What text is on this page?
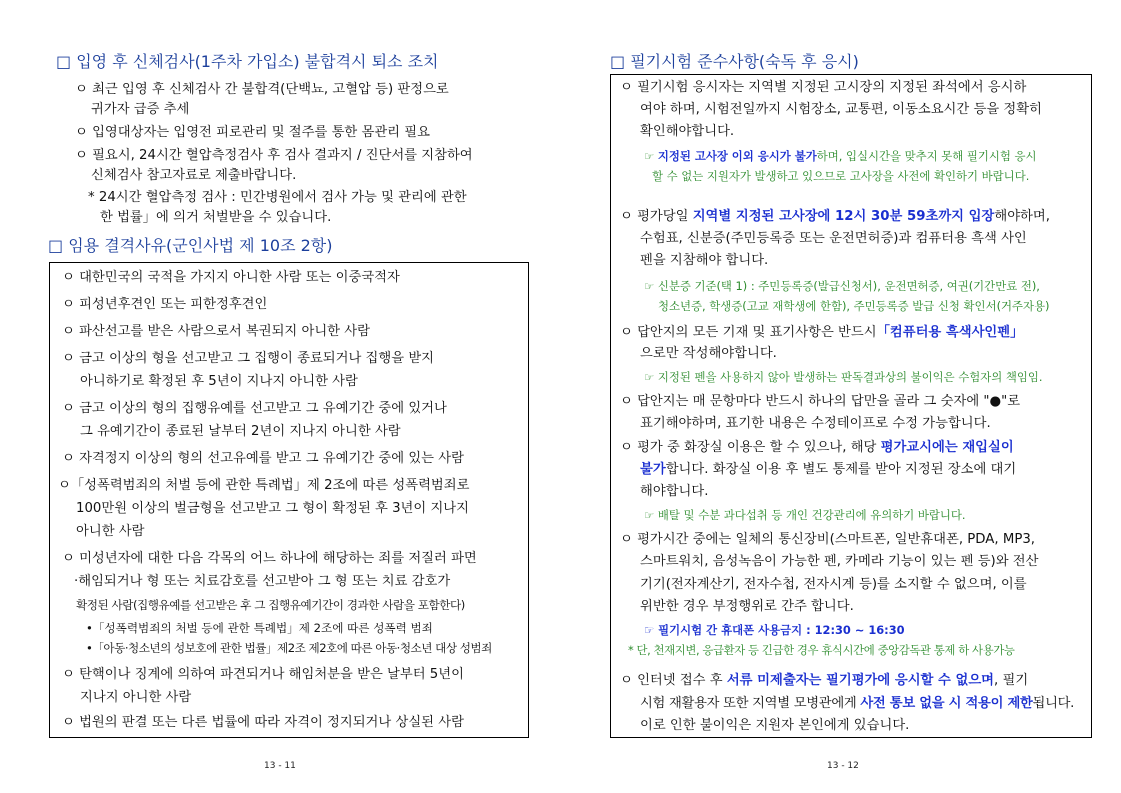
□ 입영 후 신체검사(1주차 가입소) 불합격시 퇴소 조치
ㅇ 최근 입영 후 신체검사 간 불합격(단백뇨, 고혈압 등) 판정으로
귀가자 급증 추세
ㅇ 입영대상자는 입영전 피로관리 및 절주를 통한 몸관리 필요
ㅇ 필요시, 24시간 혈압측정검사 후 검사 결과지 / 진단서를 지참하여
신체검사 참고자료로 제출바랍니다.
* 24시간 혈압측정 검사 : 민간병원에서 검사 가능 및 관리에 관한
한 법률」에 의거 처벌받을 수 있습니다.
□ 임용 결격사유(군인사법 제 10조 2항)
ㅇ 대한민국의 국적을 가지지 아니한 사람 또는 이중국적자
ㅇ 피성년후견인 또는 피한정후견인
ㅇ 파산선고를 받은 사람으로서 복권되지 아니한 사람
ㅇ 금고 이상의 형을 선고받고 그 집행이 종료되거나 집행을 받지
아니하기로 확정된 후 5년이 지나지 아니한 사람
ㅇ 금고 이상의 형의 집행유예를 선고받고 그 유예기간 중에 있거나
그 유예기간이 종료된 날부터 2년이 지나지 아니한 사람
ㅇ 자격정지 이상의 형의 선고유예를 받고 그 유예기간 중에 있는 사람
ㅇ「성폭력범죄의 처벌 등에 관한 특례법」제 2조에 따른 성폭력범죄로
100만원 이상의 벌금형을 선고받고 그 형이 확정된 후 3년이 지나지
아니한 사람
ㅇ 미성년자에 대한 다음 각목의 어느 하나에 해당하는 죄를 저질러 파면
·해임되거나 형 또는 치료감호를 선고받아 그 형 또는 치료 감호가
확정된 사람(집행유예를 선고받은 후 그 집행유예기간이 경과한 사람을 포함한다)
•「성폭력범죄의 처벌 등에 관한 특례법」제 2조에 따른 성폭력 범죄
•「아동·청소년의 성보호에 관한 법률」제2조 제2호에 따른 아동·청소년 대상 성범죄
ㅇ 탄핵이나 징계에 의하여 파견되거나 해임처분을 받은 날부터 5년이
지나지 아니한 사람
ㅇ 법원의 판결 또는 다른 법률에 따라 자격이 정지되거나 상실된 사람
13 - 11
□ 필기시험 준수사항(숙독 후 응시)
ㅇ 필기시험 응시자는 지역별 지정된 고시장의 지정된 좌석에서 응시하
여야 하며, 시험전일까지 시험장소, 교통편, 이동소요시간 등을 정확히
확인해야합니다.
☞ 지정된 고사장 이외 응시가 불가하며, 입실시간을 맞추지 못해 필기시험 응시
할 수 없는 지원자가 발생하고 있으므로 고사장을 사전에 확인하기 바랍니다.
ㅇ 평가당일 지역별 지정된 고사장에 12시 30분 59초까지 입장해야하며,
수험표, 신분증(주민등록증 또는 운전면허증)과 컴퓨터용 흑색 사인
펜을 지참해야 합니다.
☞ 신분증 기준(택 1) : 주민등록증(발급신청서), 운전면허증, 여권(기간만료 전),
청소년증, 학생증(고교 재학생에 한함), 주민등록증 발급 신청 확인서(거주자용)
ㅇ 답안지의 모든 기재 및 표기사항은 반드시「컴퓨터용 흑색사인펜」
으로만 작성해야합니다.
☞ 지정된 펜을 사용하지 않아 발생하는 판독결과상의 불이익은 수험자의 책임임.
ㅇ 답안지는 매 문항마다 반드시 하나의 답만을 골라 그 숫자에 "●"로
표기해야하며, 표기한 내용은 수정테이프로 수정 가능합니다.
ㅇ 평가 중 화장실 이용은 할 수 있으나, 해당 평가교시에는 재입실이
불가합니다. 화장실 이용 후 별도 통제를 받아 지정된 장소에 대기
해야합니다.
☞ 배탈 및 수분 과다섭취 등 개인 건강관리에 유의하기 바랍니다.
ㅇ 평가시간 중에는 일체의 통신장비(스마트폰, 일반휴대폰, PDA, MP3,
스마트워치, 음성녹음이 가능한 펜, 카메라 기능이 있는 펜 등)와 전산
기기(전자계산기, 전자수첩, 전자시계 등)를 소지할 수 없으며, 이를
위반한 경우 부정행위로 간주 합니다.
☞ 필기시험 간 휴대폰 사용금지 : 12:30 ~ 16:30
* 단, 천재지변, 응급환자 등 긴급한 경우 휴식시간에 중앙감독관 통제 하 사용가능
ㅇ 인터넷 접수 후 서류 미제출자는 필기평가에 응시할 수 없으며, 필기
시험 재활용자 또한 지역별 모병관에게 사전 통보 없을 시 적용이 제한됩니다.
이로 인한 불이익은 지원자 본인에게 있습니다.
13 - 12
